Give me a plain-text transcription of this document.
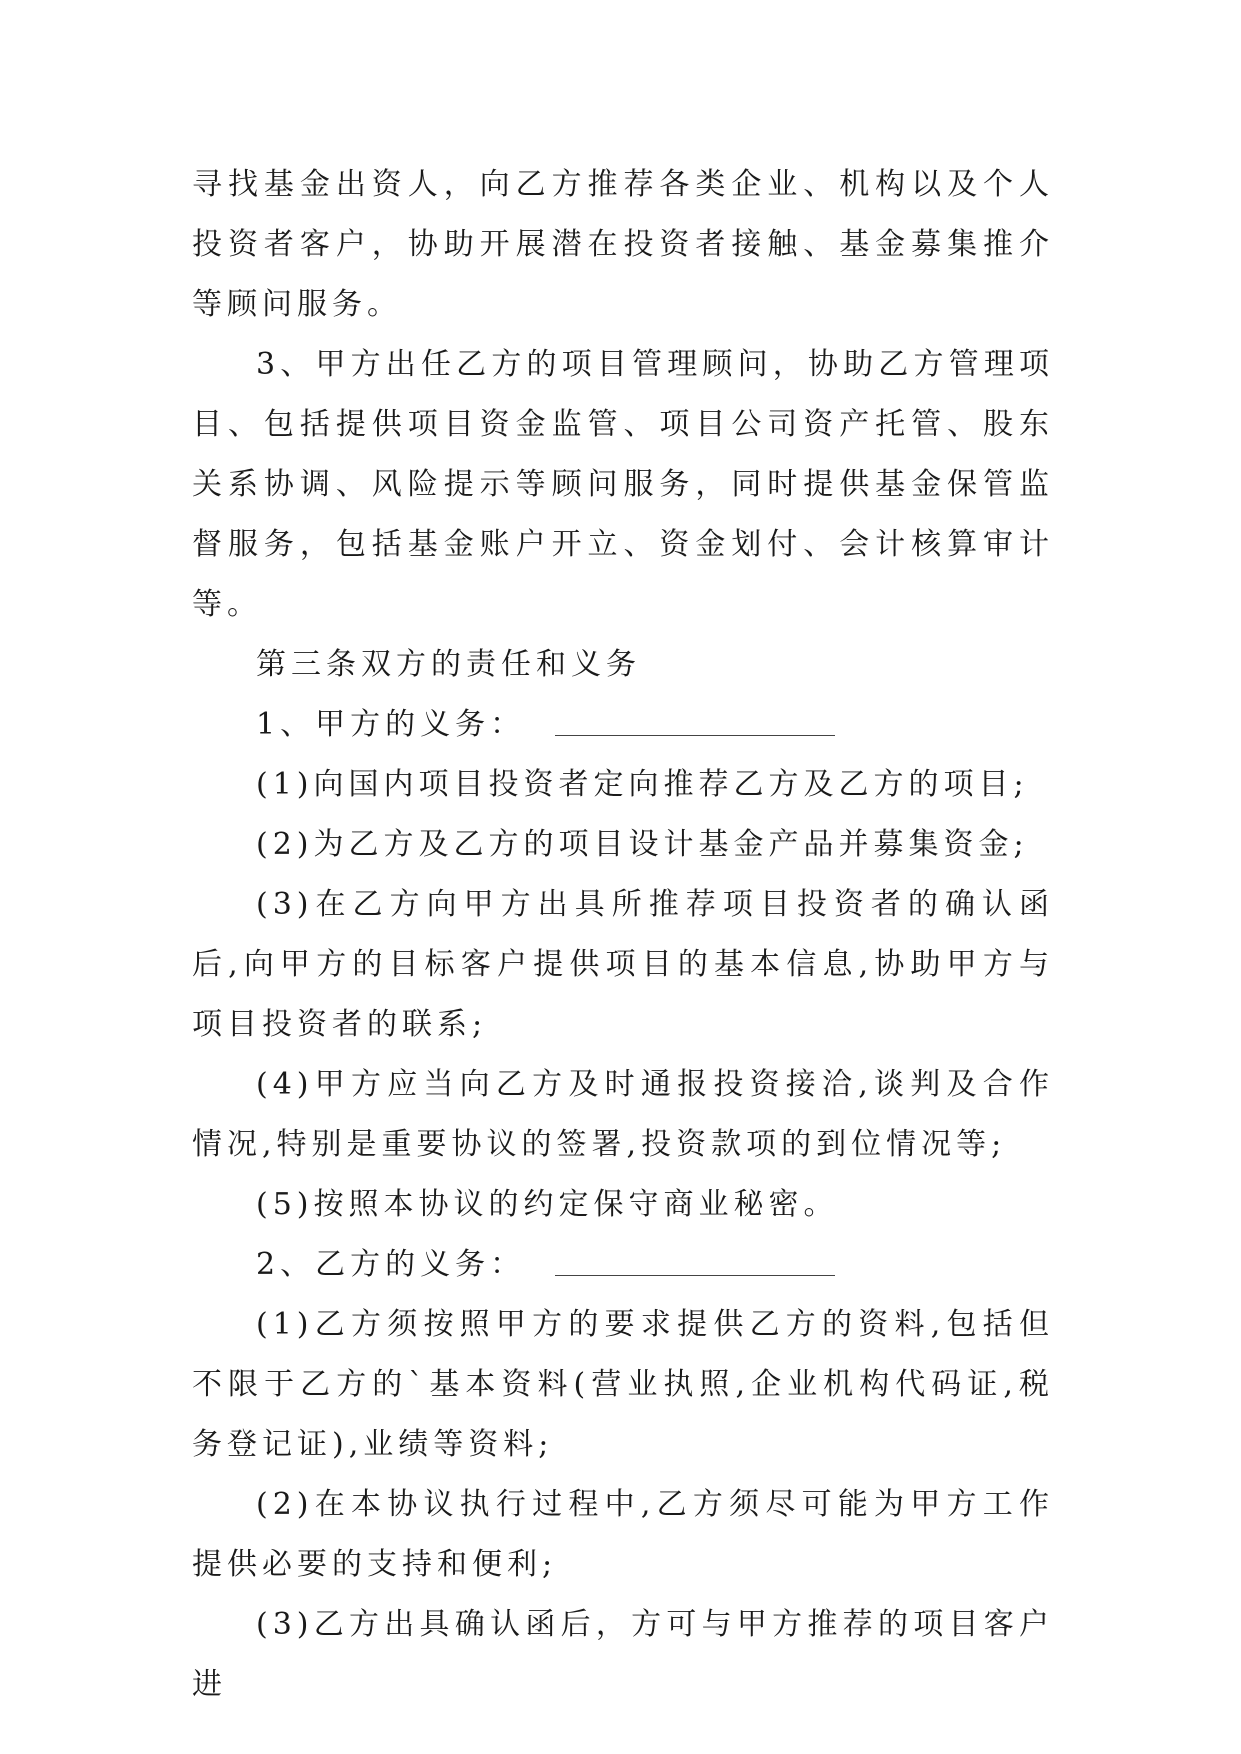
寻找基金出资人，向乙方推荐各类企业、机构以及个人投资者客户，协助开展潜在投资者接触、基金募集推介等顾问服务。

3、甲方出任乙方的项目管理顾问，协助乙方管理项目、包括提供项目资金监管、项目公司资产托管、股东关系协调、风险提示等顾问服务，同时提供基金保管监督服务，包括基金账户开立、资金划付、会计核算审计等。

第三条双方的责任和义务

1、甲方的义务：

(1)向国内项目投资者定向推荐乙方及乙方的项目;

(2)为乙方及乙方的项目设计基金产品并募集资金;

(3)在乙方向甲方出具所推荐项目投资者的确认函后,向甲方的目标客户提供项目的基本信息,协助甲方与项目投资者的联系;

(4)甲方应当向乙方及时通报投资接洽,谈判及合作情况,特别是重要协议的签署,投资款项的到位情况等;

(5)按照本协议的约定保守商业秘密。

2、乙方的义务：

(1)乙方须按照甲方的要求提供乙方的资料,包括但不限于乙方的`基本资料(营业执照,企业机构代码证,税务登记证),业绩等资料;

(2)在本协议执行过程中,乙方须尽可能为甲方工作提供必要的支持和便利;

(3)乙方出具确认函后，方可与甲方推荐的项目客户进
